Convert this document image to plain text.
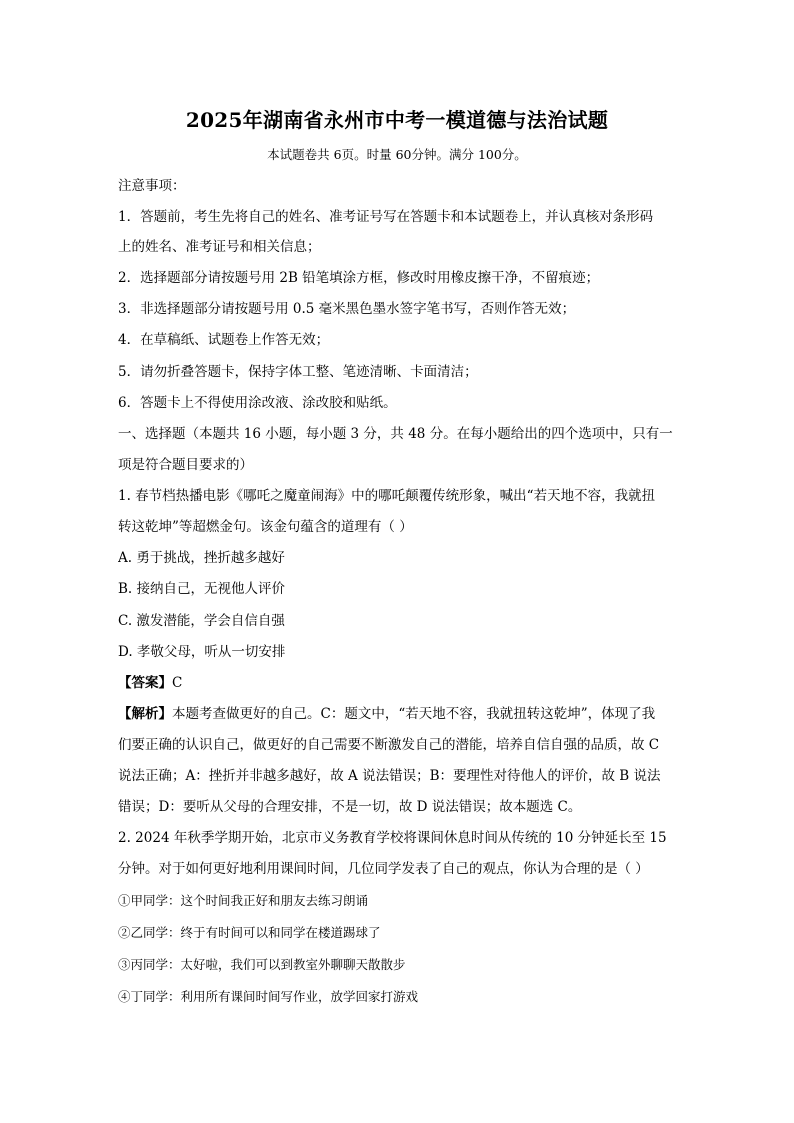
2025年湖南省永州市中考一模道德与法治试题
本试题卷共 6页。时量 60分钟。满分 100分。
注意事项：
1．答题前，考生先将自己的姓名、准考证号写在答题卡和本试题卷上，并认真核对条形码
上的姓名、准考证号和相关信息；
2．选择题部分请按题号用 2B 铅笔填涂方框，修改时用橡皮擦干净，不留痕迹；
3．非选择题部分请按题号用 0.5 毫米黑色墨水签字笔书写，否则作答无效；
4．在草稿纸、试题卷上作答无效；
5．请勿折叠答题卡，保持字体工整、笔迹清晰、卡面清洁；
6．答题卡上不得使用涂改液、涂改胶和贴纸。
一、选择题（本题共 16 小题，每小题 3 分，共 48 分。在每小题给出的四个选项中，只有一
项是符合题目要求的）
1. 春节档热播电影《哪吒之魔童闹海》中的哪吒颠覆传统形象，喊出“若天地不容，我就扭
转这乾坤”等超燃金句。该金句蕴含的道理有（ ）
A. 勇于挑战，挫折越多越好
B. 接纳自己，无视他人评价
C. 激发潜能，学会自信自强
D. 孝敬父母，听从一切安排
【答案】C
【解析】本题考查做更好的自己。C：题文中，“若天地不容，我就扭转这乾坤”，体现了我
们要正确的认识自己，做更好的自己需要不断激发自己的潜能，培养自信自强的品质，故 C
说法正确；A：挫折并非越多越好，故 A 说法错误；B：要理性对待他人的评价，故 B 说法
错误；D：要听从父母的合理安排，不是一切，故 D 说法错误；故本题选 C。
2. 2024 年秋季学期开始，北京市义务教育学校将课间休息时间从传统的 10 分钟延长至 15
分钟。对于如何更好地利用课间时间，几位同学发表了自己的观点，你认为合理的是（ ）
①甲同学：这个时间我正好和朋友去练习朗诵
②乙同学：终于有时间可以和同学在楼道踢球了
③丙同学：太好啦，我们可以到教室外聊聊天散散步
④丁同学：利用所有课间时间写作业，放学回家打游戏
